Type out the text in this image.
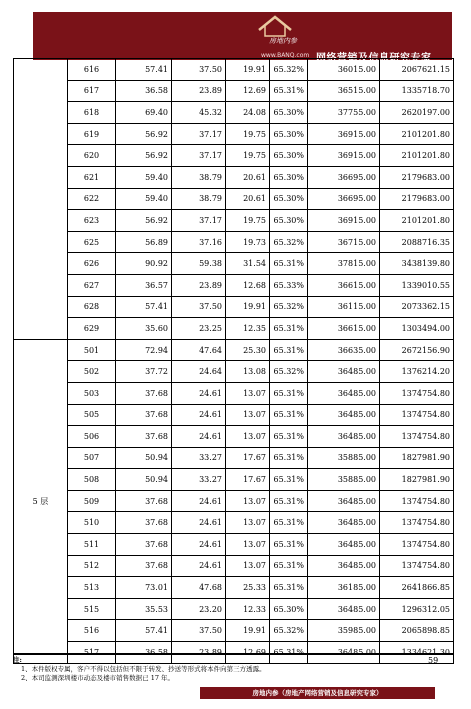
房地内参
www.BANQ.com 网络营销及信息研究专家
	616	57.41	37.50	19.91	65.32%	36015.00	2067621.15
	617	36.58	23.89	12.69	65.31%	36515.00	1335718.70
	618	69.40	45.32	24.08	65.30%	37755.00	2620197.00
	619	56.92	37.17	19.75	65.30%	36915.00	2101201.80
	620	56.92	37.17	19.75	65.30%	36915.00	2101201.80
	621	59.40	38.79	20.61	65.30%	36695.00	2179683.00
	622	59.40	38.79	20.61	65.30%	36695.00	2179683.00
	623	56.92	37.17	19.75	65.30%	36915.00	2101201.80
	625	56.89	37.16	19.73	65.32%	36715.00	2088716.35
	626	90.92	59.38	31.54	65.31%	37815.00	3438139.80
	627	36.57	23.89	12.68	65.33%	36615.00	1339010.55
	628	57.41	37.50	19.91	65.32%	36115.00	2073362.15
	629	35.60	23.25	12.35	65.31%	36615.00	1303494.00
5 层	501	72.94	47.64	25.30	65.31%	36635.00	2672156.90
	502	37.72	24.64	13.08	65.32%	36485.00	1376214.20
	503	37.68	24.61	13.07	65.31%	36485.00	1374754.80
	505	37.68	24.61	13.07	65.31%	36485.00	1374754.80
	506	37.68	24.61	13.07	65.31%	36485.00	1374754.80
	507	50.94	33.27	17.67	65.31%	35885.00	1827981.90
	508	50.94	33.27	17.67	65.31%	35885.00	1827981.90
	509	37.68	24.61	13.07	65.31%	36485.00	1374754.80
	510	37.68	24.61	13.07	65.31%	36485.00	1374754.80
	511	37.68	24.61	13.07	65.31%	36485.00	1374754.80
	512	37.68	24.61	13.07	65.31%	36485.00	1374754.80
	513	73.01	47.68	25.33	65.31%	36185.00	2641866.85
	515	35.53	23.20	12.33	65.30%	36485.00	1296312.05
	516	57.41	37.50	19.91	65.32%	35985.00	2065898.85

注:
1、本件版权专属，客户不得以包括但不限于转发、抄送等形式将本件向第三方透露。
2、本司监测深圳楼市动态及楼市销售数据已 17 年。
59
房地内参（房地产网络营销及信息研究专家）
